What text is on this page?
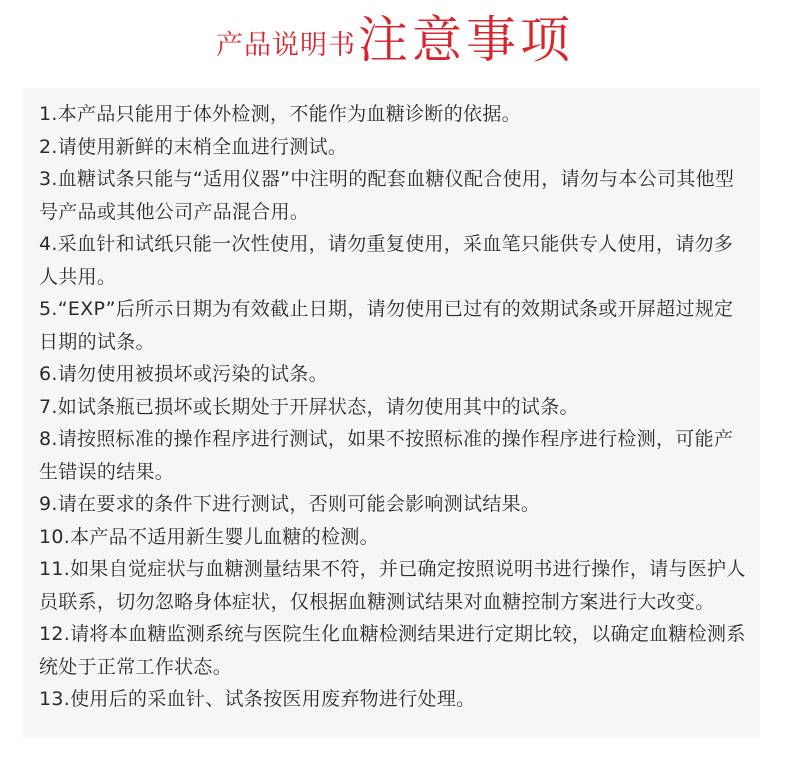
产品说明书注意事项
1.本产品只能用于体外检测，不能作为血糖诊断的依据。
2.请使用新鲜的末梢全血进行测试。
3.血糖试条只能与“适用仪器”中注明的配套血糖仪配合使用，请勿与本公司其他型号产品或其他公司产品混合用。
4.采血针和试纸只能一次性使用，请勿重复使用，采血笔只能供专人使用，请勿多人共用。
5.“EXP”后所示日期为有效截止日期，请勿使用已过有的效期试条或开屏超过规定日期的试条。
6.请勿使用被损坏或污染的试条。
7.如试条瓶已损坏或长期处于开屏状态，请勿使用其中的试条。
8.请按照标准的操作程序进行测试，如果不按照标准的操作程序进行检测，可能产生错误的结果。
9.请在要求的条件下进行测试，否则可能会影响测试结果。
10.本产品不适用新生婴儿血糖的检测。
11.如果自觉症状与血糖测量结果不符，并已确定按照说明书进行操作，请与医护人员联系，切勿忽略身体症状，仅根据血糖测试结果对血糖控制方案进行大改变。
12.请将本血糖监测系统与医院生化血糖检测结果进行定期比较，以确定血糖检测系统处于正常工作状态。
13.使用后的采血针、试条按医用废弃物进行处理。
